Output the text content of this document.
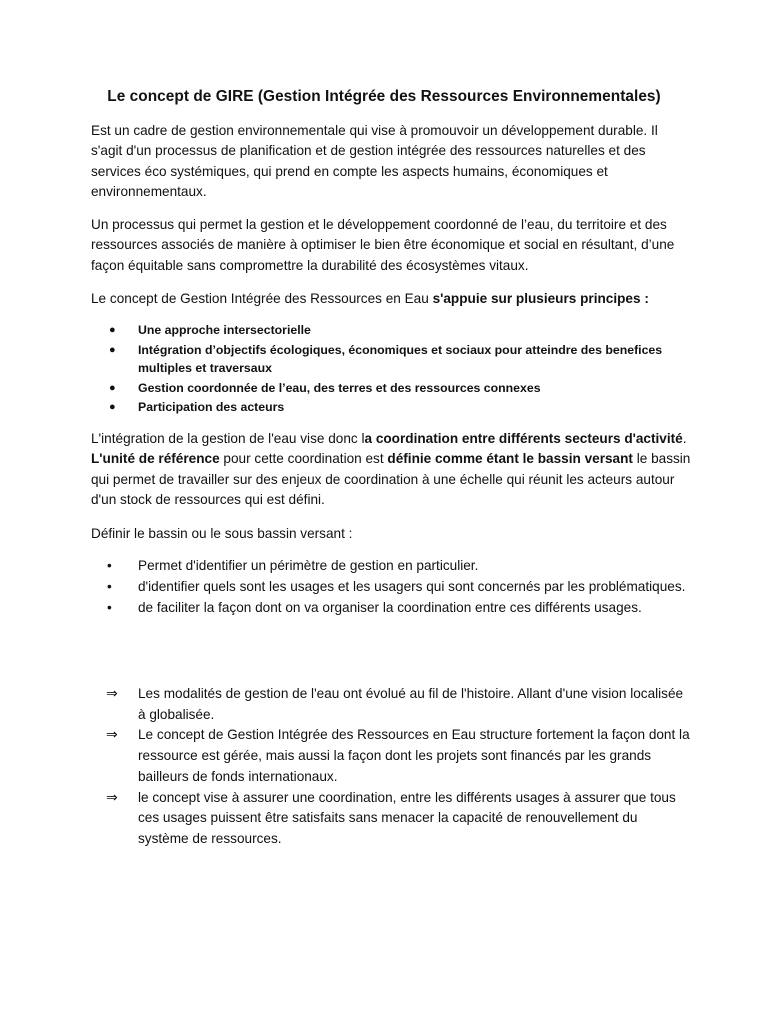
Le concept de GIRE (Gestion Intégrée des Ressources Environnementales)

Est un cadre de gestion environnementale qui vise à promouvoir un développement durable. Il s'agit d'un processus de planification et de gestion intégrée des ressources naturelles et des services éco systémiques, qui prend en compte les aspects humains, économiques et environnementaux.

Un processus qui permet la gestion et le développement coordonné de l’eau, du territoire et des ressources associés de manière à optimiser le bien être économique et social en résultant, d’une façon équitable sans compromettre la durabilité des écosystèmes vitaux.

Le concept de Gestion Intégrée des Ressources en Eau s'appuie sur plusieurs principes :

● Une approche intersectorielle
● Intégration d’objectifs écologiques, économiques et sociaux pour atteindre des benefices multiples et traversaux
● Gestion coordonnée de l’eau, des terres et des ressources connexes
● Participation des acteurs

L'intégration de la gestion de l'eau vise donc la coordination entre différents secteurs d'activité. L'unité de référence pour cette coordination est définie comme étant le bassin versant le bassin qui permet de travailler sur des enjeux de coordination à une échelle qui réunit les acteurs autour d'un stock de ressources qui est défini.

Définir le bassin ou le sous bassin versant :

• Permet d'identifier un périmètre de gestion en particulier.
• d'identifier quels sont les usages et les usagers qui sont concernés par les problématiques.
• de faciliter la façon dont on va organiser la coordination entre ces différents usages.
⇒ Les modalités de gestion de l'eau ont évolué au fil de l'histoire. Allant d'une vision localisée à globalisée.
⇒ Le concept de Gestion Intégrée des Ressources en Eau structure fortement la façon dont la ressource est gérée, mais aussi la façon dont les projets sont financés par les grands bailleurs de fonds internationaux.
⇒ le concept vise à assurer une coordination, entre les différents usages à assurer que tous ces usages puissent être satisfaits sans menacer la capacité de renouvellement du système de ressources.
